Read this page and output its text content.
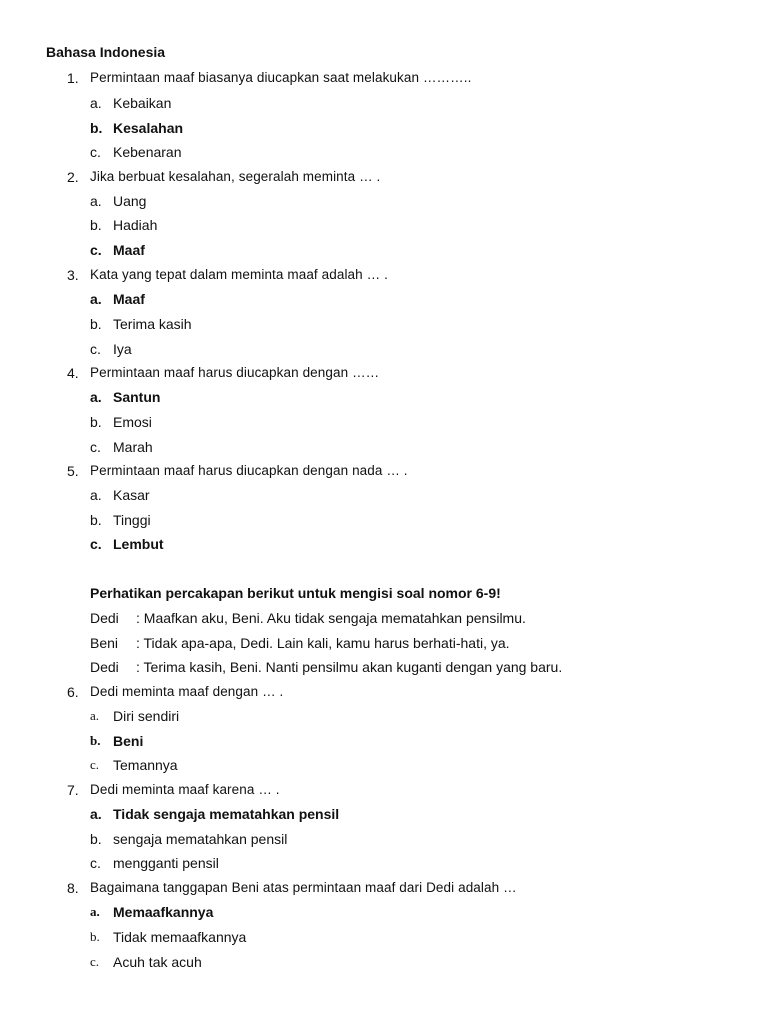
Bahasa Indonesia
1. Permintaan maaf biasanya diucapkan saat melakukan ………..
a. Kebaikan
b. Kesalahan
c. Kebenaran
2. Jika berbuat kesalahan, segeralah meminta … .
a. Uang
b. Hadiah
c. Maaf
3. Kata yang tepat dalam meminta maaf adalah … .
a. Maaf
b. Terima kasih
c. Iya
4. Permintaan maaf harus diucapkan dengan ……
a. Santun
b. Emosi
c. Marah
5. Permintaan maaf harus diucapkan dengan nada … .
a. Kasar
b. Tinggi
c. Lembut
Perhatikan percakapan berikut untuk mengisi soal nomor 6-9!
Dedi : Maafkan aku, Beni. Aku tidak sengaja mematahkan pensilmu.
Beni : Tidak apa-apa, Dedi. Lain kali, kamu harus berhati-hati, ya.
Dedi : Terima kasih, Beni. Nanti pensilmu akan kuganti dengan yang baru.
6. Dedi meminta maaf dengan … .
a. Diri sendiri
b. Beni
c. Temannya
7. Dedi meminta maaf karena … .
a. Tidak sengaja mematahkan pensil
b. sengaja mematahkan pensil
c. mengganti pensil
8. Bagaimana tanggapan Beni atas permintaan maaf dari Dedi adalah …
a. Memaafkannya
b. Tidak memaafkannya
c. Acuh tak acuh
